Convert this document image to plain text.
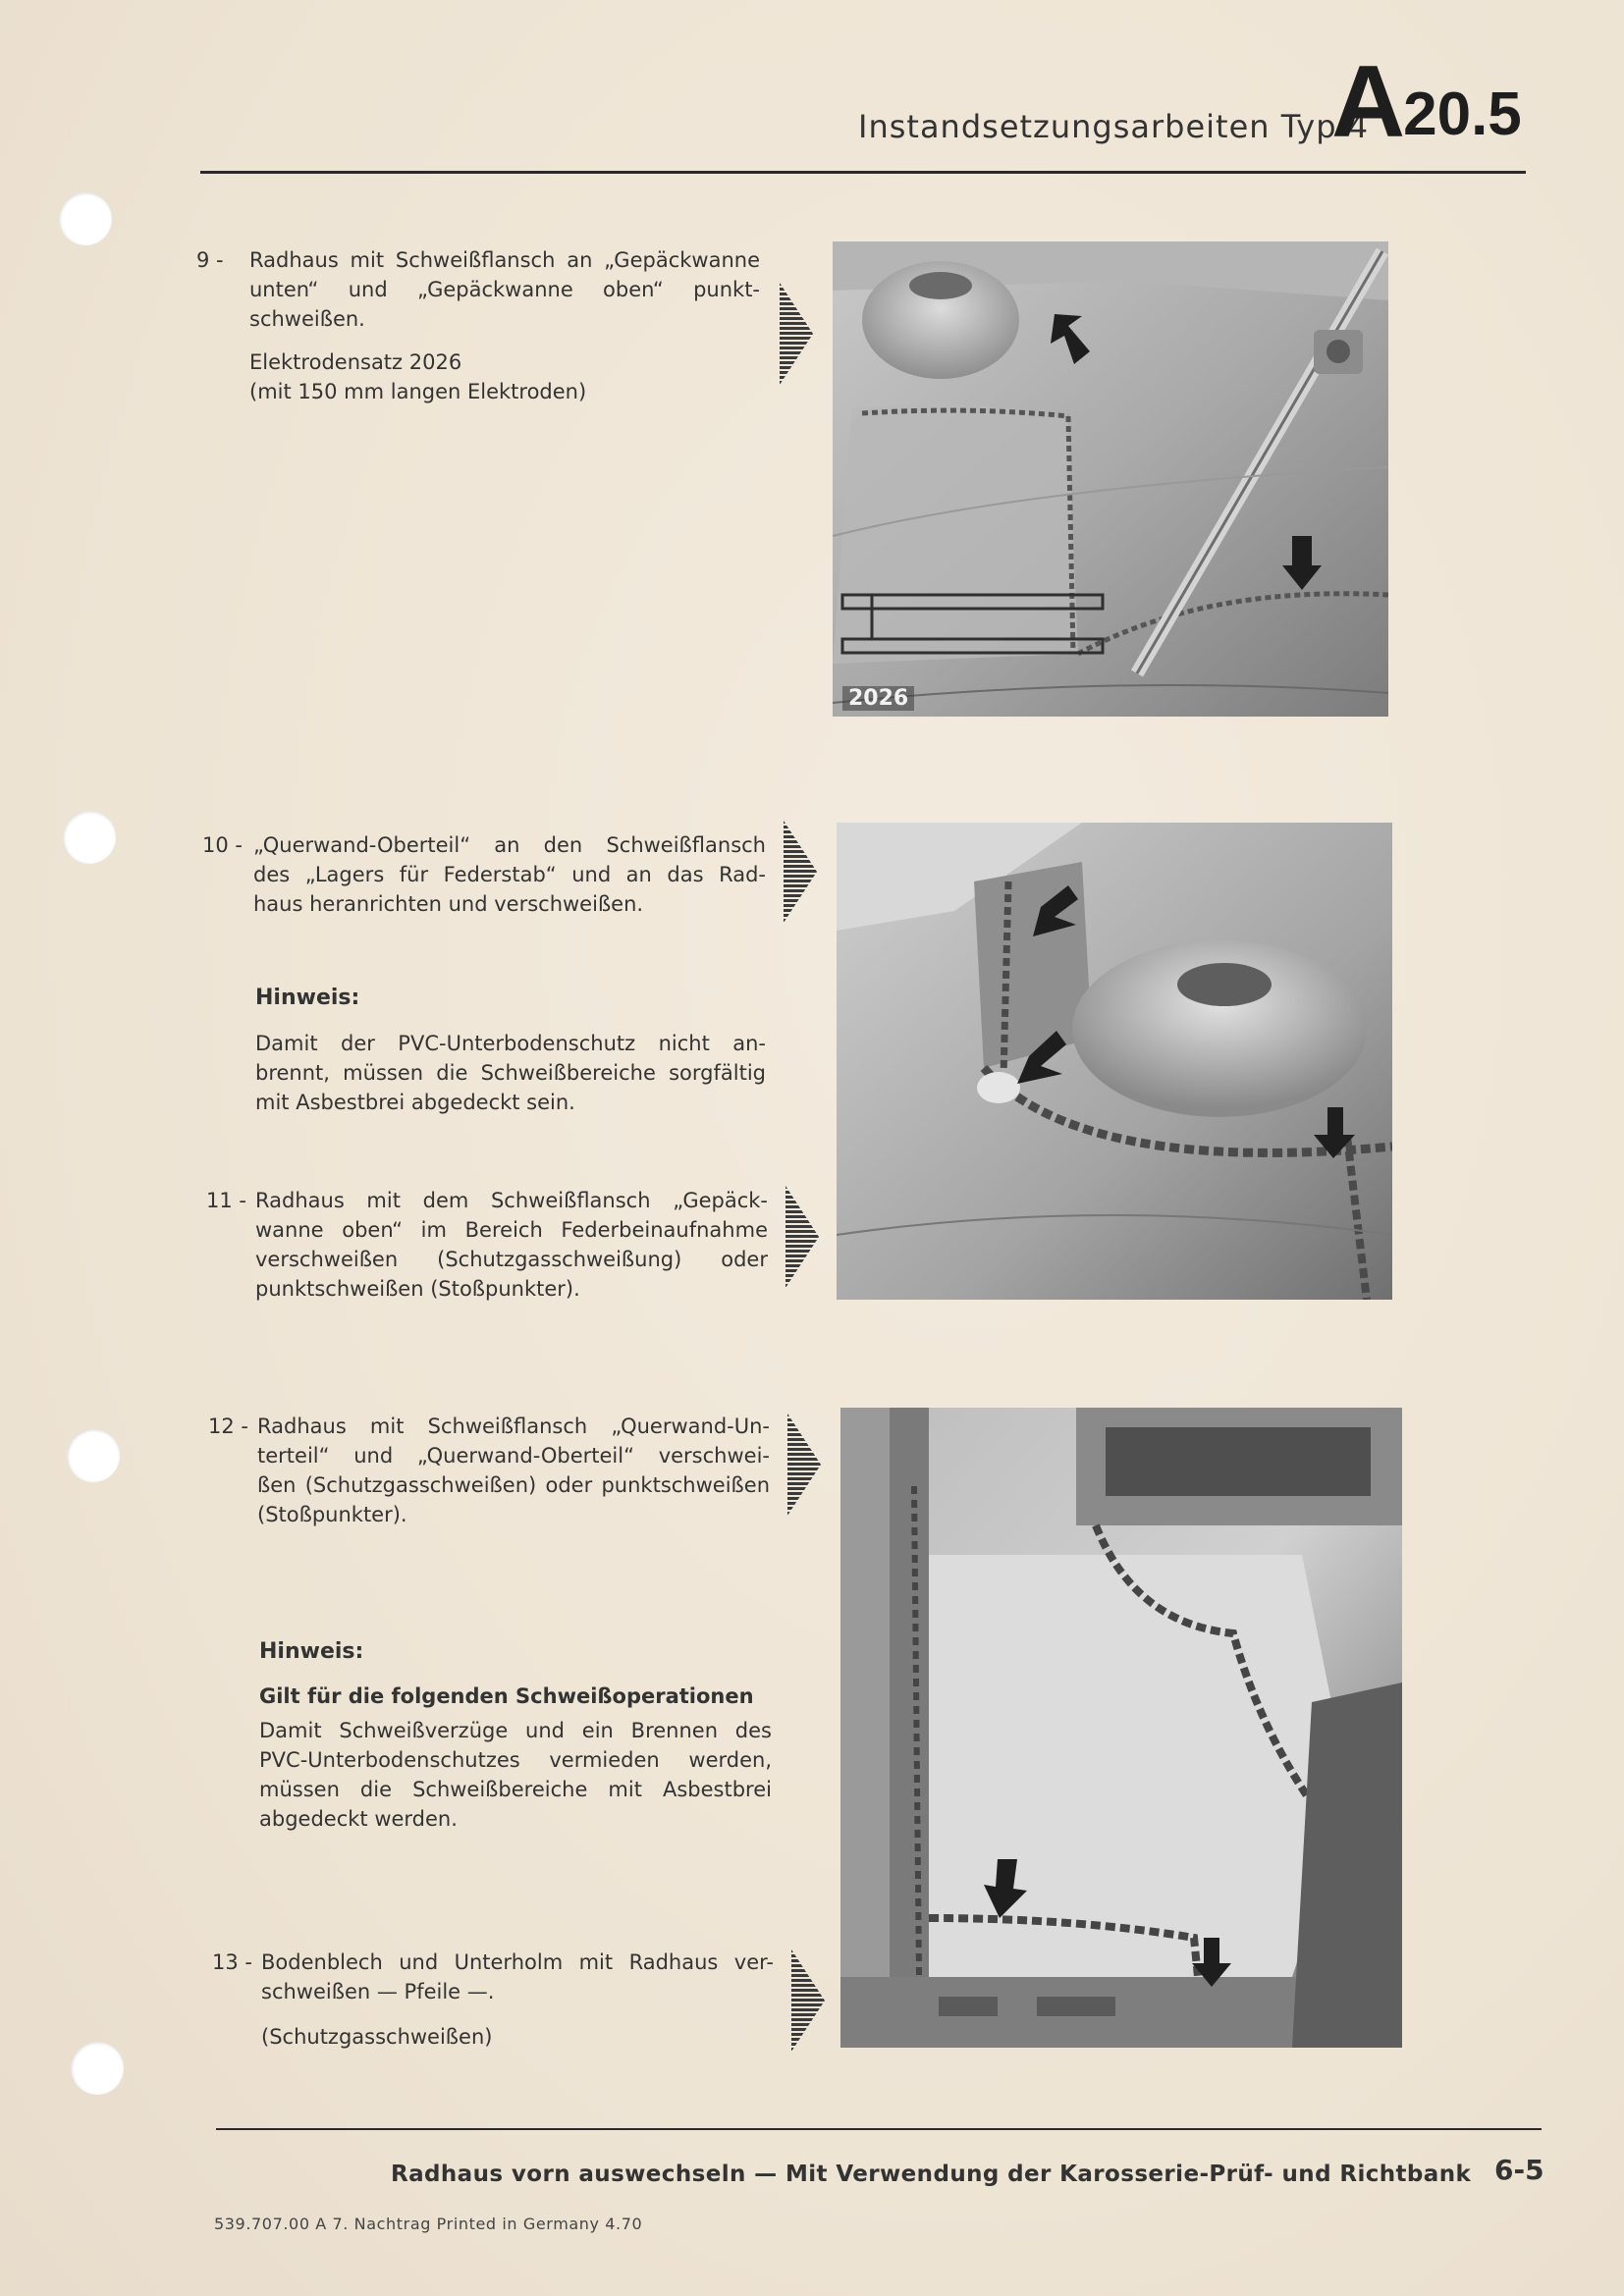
Instandsetzungsarbeiten Typ 4
A20.5
9 - Radhaus mit Schweißflansch an „Gepäckwanne
unten“ und „Gepäckwanne oben“ punkt-
schweißen.
Elektrodensatz 2026
(mit 150 mm langen Elektroden)
10 - „Querwand-Oberteil“ an den Schweißflansch
des „Lagers für Federstab“ und an das Rad-
haus heranrichten und verschweißen.
Hinweis:
Damit der PVC-Unterbodenschutz nicht an-
brennt, müssen die Schweißbereiche sorgfältig
mit Asbestbrei abgedeckt sein.
11 - Radhaus mit dem Schweißflansch „Gepäck-
wanne oben“ im Bereich Federbeinaufnahme
verschweißen (Schutzgasschweißung) oder
punktschweißen (Stoßpunkter).
12 - Radhaus mit Schweißflansch „Querwand-Un-
terteil“ und „Querwand-Oberteil“ verschwei-
ßen (Schutzgasschweißen) oder punktschweißen
(Stoßpunkter).
Hinweis:
Gilt für die folgenden Schweißoperationen
Damit Schweißverzüge und ein Brennen des
PVC-Unterbodenschutzes vermieden werden,
müssen die Schweißbereiche mit Asbestbrei
abgedeckt werden.
13 - Bodenblech und Unterholm mit Radhaus ver-
schweißen — Pfeile —.
(Schutzgasschweißen)
2026
Radhaus vorn auswechseln — Mit Verwendung der Karosserie-Prüf- und Richtbank 6-5
539.707.00 A 7. Nachtrag Printed in Germany 4.70
